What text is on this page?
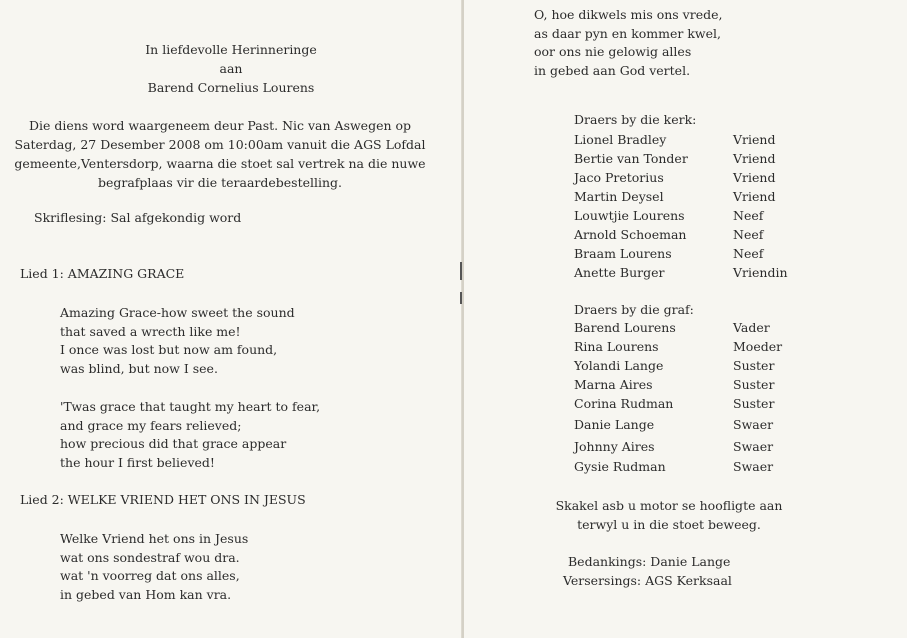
In liefdevolle Herinneringe
aan
Barend Cornelius Lourens
Die diens word waargeneem deur Past. Nic van Aswegen op
Saterdag, 27 Desember 2008 om 10:00am vanuit die AGS Lofdal
gemeente,Ventersdorp, waarna die stoet sal vertrek na die nuwe
begrafplaas vir die teraardebestelling.
Skriflesing: Sal afgekondig word
Lied 1: AMAZING GRACE
Amazing Grace-how sweet the sound
that saved a wrecth like me!
I once was lost but now am found,
was blind, but now I see.
'Twas grace that taught my heart to fear,
and grace my fears relieved;
how precious did that grace appear
the hour I first believed!
Lied 2: WELKE VRIEND HET ONS IN JESUS
Welke Vriend het ons in Jesus
wat ons sondestraf wou dra.
wat 'n voorreg dat ons alles,
in gebed van Hom kan vra.
O, hoe dikwels mis ons vrede,
as daar pyn en kommer kwel,
oor ons nie gelowig alles
in gebed aan God vertel.
Draers by die kerk:
Lionel Bradley	Vriend
Bertie van Tonder	Vriend
Jaco Pretorius	Vriend
Martin Deysel	Vriend
Louwtjie Lourens	Neef
Arnold Schoeman	Neef
Braam Lourens	Neef
Anette Burger	Vriendin
Draers by die graf:
Barend Lourens	Vader
Rina Lourens	Moeder
Yolandi Lange	Suster
Marna Aires	Suster
Corina Rudman	Suster
Danie Lange	Swaer
Johnny Aires	Swaer
Gysie Rudman	Swaer
Skakel asb u motor se hoofligte aan
terwyl u in die stoet beweeg.
Bedankings: Danie Lange
Versersings: AGS Kerksaal
